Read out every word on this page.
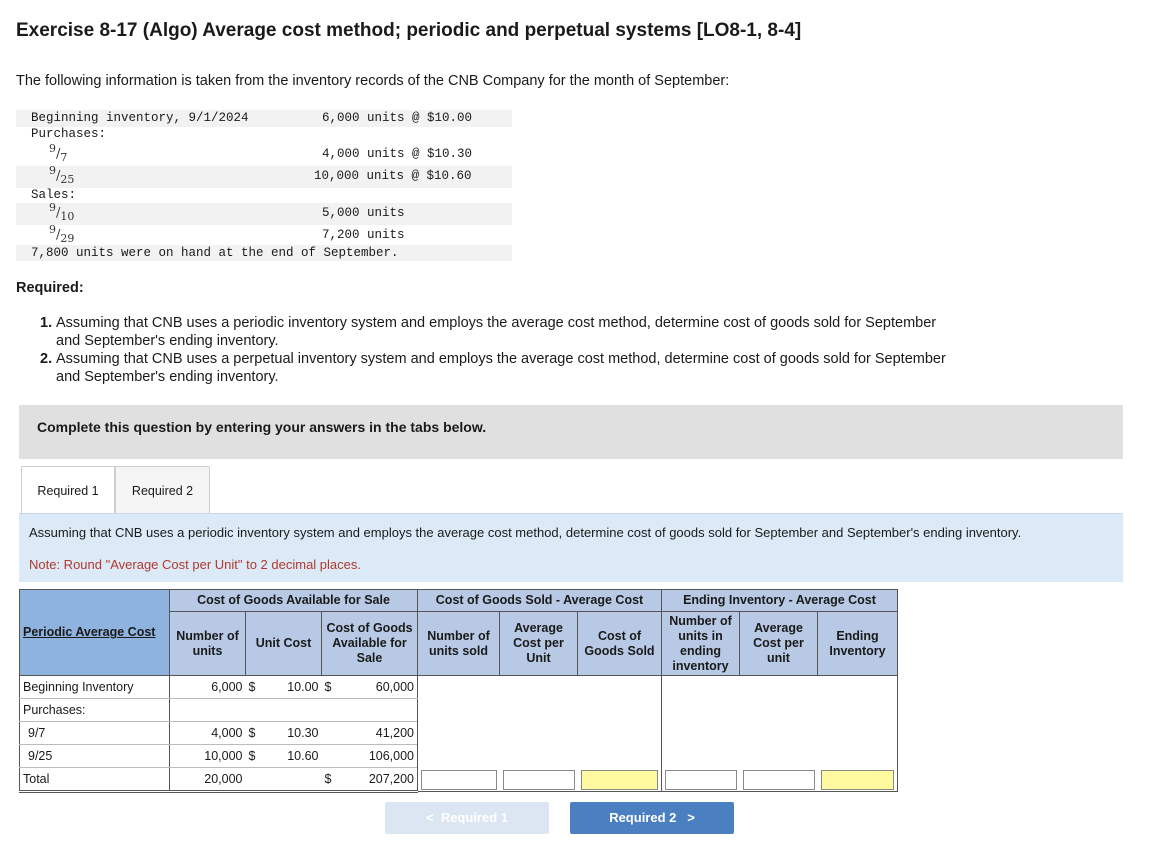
Exercise 8-17 (Algo) Average cost method; periodic and perpetual systems [LO8-1, 8-4]
The following information is taken from the inventory records of the CNB Company for the month of September:
Beginning inventory, 9/1/2024	6,000 units @ $10.00
Purchases:
$^9/_7$	4,000 units @ $10.30
$^9/_{25}$	10,000 units @ $10.60
Sales:
$^9/_{10}$	5,000 units
$^9/_{29}$	7,200 units
7,800 units were on hand at the end of September.
Required:
1. Assuming that CNB uses a periodic inventory system and employs the average cost method, determine cost of goods sold for September and September's ending inventory.
2. Assuming that CNB uses a perpetual inventory system and employs the average cost method, determine cost of goods sold for September and September's ending inventory.
Complete this question by entering your answers in the tabs below.
Required 1	Required 2
Assuming that CNB uses a periodic inventory system and employs the average cost method, determine cost of goods sold for September and September's ending inventory.
Note: Round "Average Cost per Unit" to 2 decimal places.
Periodic Average Cost	Cost of Goods Available for Sale			Cost of Goods Sold - Average Cost			Ending Inventory - Average Cost		
	Number of units	Unit Cost	Cost of Goods Available for Sale	Number of units sold	Average Cost per Unit	Cost of Goods Sold	Number of units in ending inventory	Average Cost per unit	Ending Inventory
Beginning Inventory	6,000	$ 10.00	$ 60,000						
Purchases:									
9/7	4,000	$ 10.30	41,200						
9/25	10,000	$ 10.60	106,000						
Total	20,000		$ 207,200						
<  Required 1	Required 2   >
